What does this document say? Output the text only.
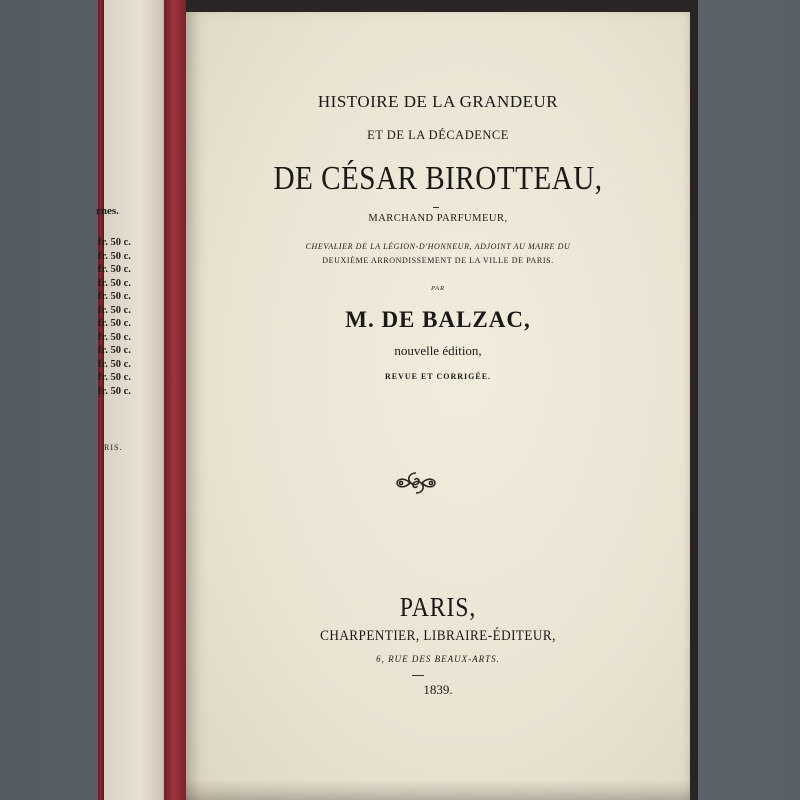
rnes.
fr. 50 c.
fr. 50 c.
fr. 50 c.
fr. 50 c.
fr. 50 c.
fr. 50 c.
fr. 50 c.
fr. 50 c.
fr. 50 c.
fr. 50 c.
fr. 50 c.
fr. 50 c.
RIS.
HISTOIRE DE LA GRANDEUR
ET DE LA DÉCADENCE
DE CÉSAR BIROTTEAU,
MARCHAND PARFUMEUR,
CHEVALIER DE LA LÉGION-D'HONNEUR, ADJOINT AU MAIRE DU
DEUXIÈME ARRONDISSEMENT DE LA VILLE DE PARIS.
PAR
M. DE BALZAC,
nouvelle édition,
REVUE ET CORRIGÉE.
PARIS,
CHARPENTIER, LIBRAIRE-ÉDITEUR,
6, RUE DES BEAUX-ARTS.
1839.
